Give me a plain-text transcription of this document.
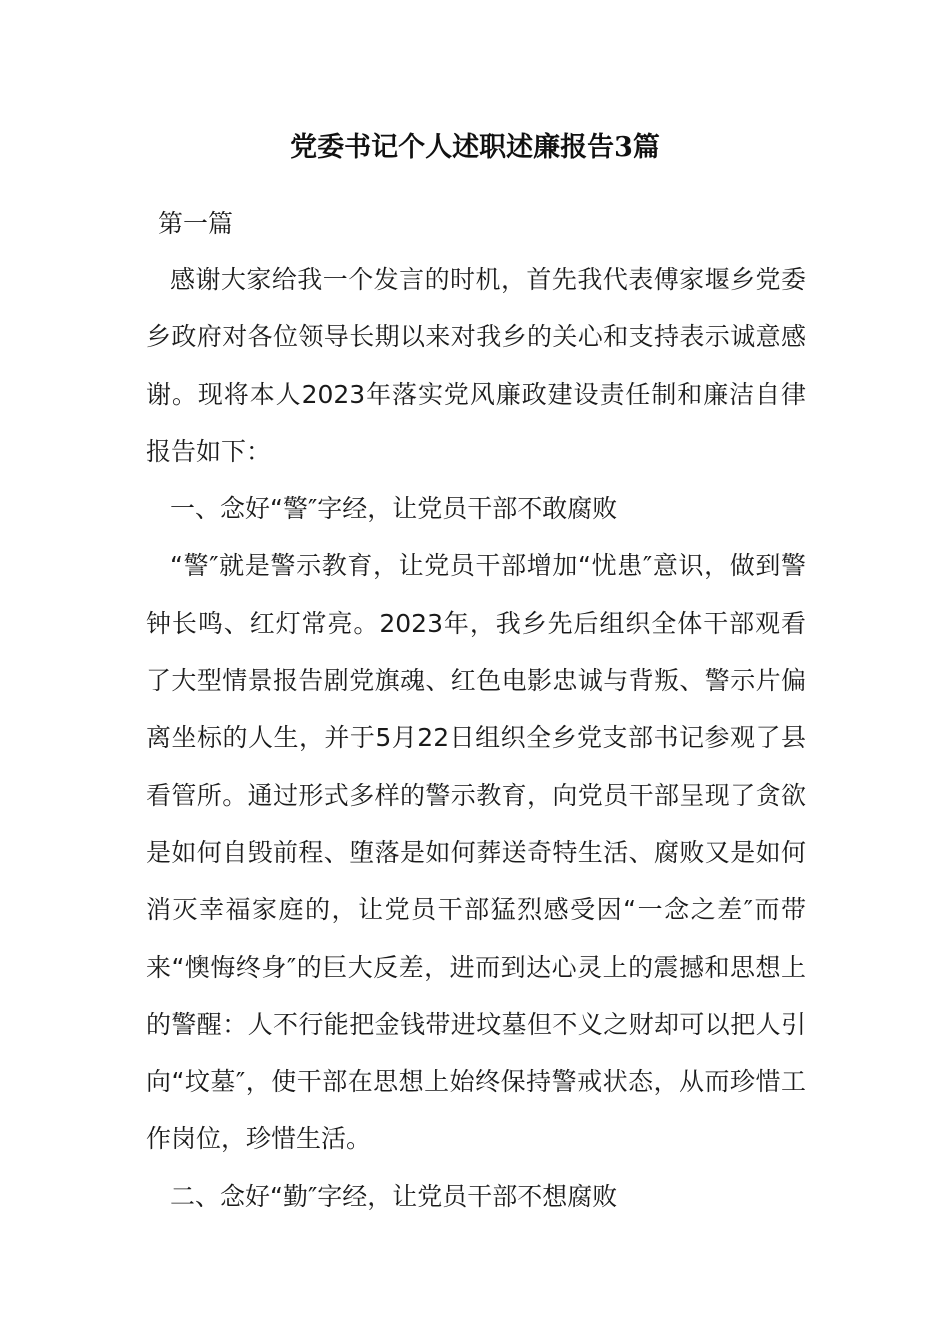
党委书记个人述职述廉报告3篇
第一篇

感谢大家给我一个发言的时机，首先我代表傅家堰乡党委乡政府对各位领导长期以来对我乡的关心和支持表示诚意感谢。现将本人2023年落实党风廉政建设责任制和廉洁自律报告如下：

一、念好“警″字经，让党员干部不敢腐败

“警″就是警示教育，让党员干部增加“忧患″意识，做到警钟长鸣、红灯常亮。2023年，我乡先后组织全体干部观看了大型情景报告剧党旗魂、红色电影忠诚与背叛、警示片偏离坐标的人生，并于5月22日组织全乡党支部书记参观了县看管所。通过形式多样的警示教育，向党员干部呈现了贪欲是如何自毁前程、堕落是如何葬送奇特生活、腐败又是如何消灭幸福家庭的，让党员干部猛烈感受因“一念之差″而带来“懊悔终身″的巨大反差，进而到达心灵上的震撼和思想上的警醒：人不行能把金钱带进坟墓但不义之财却可以把人引向“坟墓″，使干部在思想上始终保持警戒状态，从而珍惜工作岗位，珍惜生活。

二、念好“勤″字经，让党员干部不想腐败
